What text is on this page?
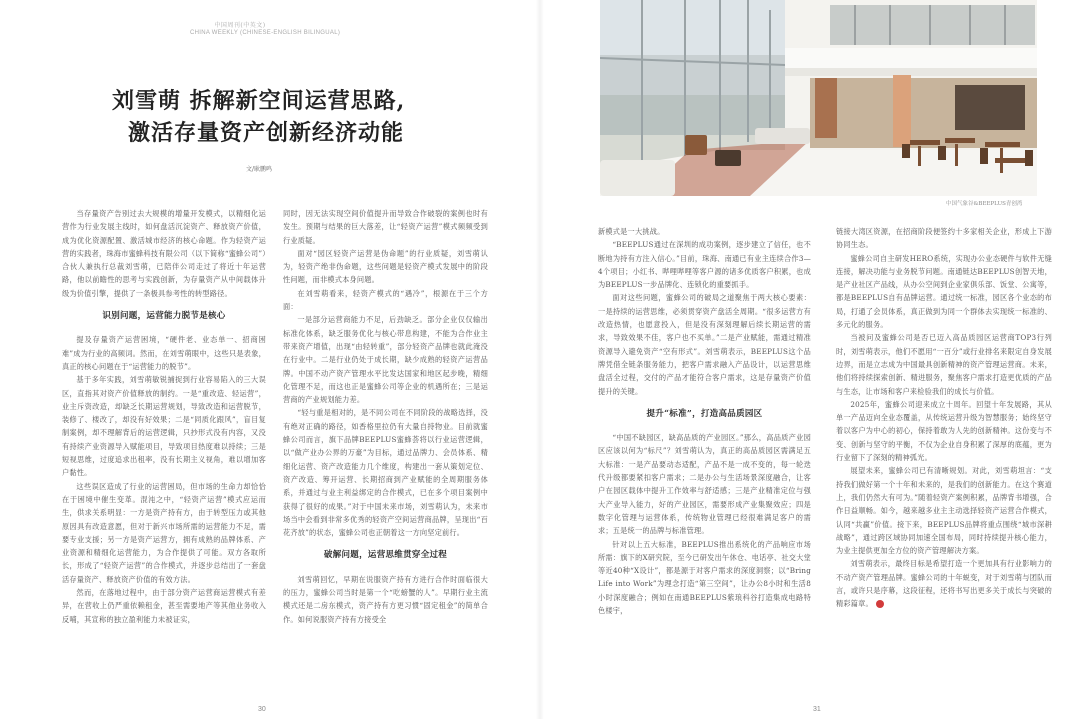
中国周刊(中英文)
CHINA WEEKLY (CHINESE-ENGLISH BILINGUAL)
刘雪萌 拆解新空间运营思路,
激活存量资产创新经济动能
文/耿鹏鸣

当存量资产告别过去大规模的增量开发模式，以精细化运营作为行业发展主线时，如何盘活沉淀资产、释放资产价值，成为优化资源配置、激活城市经济的核心命题。作为轻资产运营的实践者，珠海市蜜蜂科技有限公司（以下简称“蜜蜂公司”）合伙人兼执行总裁刘雪萌，已陪伴公司走过了将近十年运营路，他以前瞻性的思考与实践创新，为存量资产从中间载体升级为价值引擎，提供了一条极具参考性的转型路径。

识别问题，运营能力脱节是核心

提及存量资产运营困境，“硬件老、业态单一、招商困难”成为行业的高频词。然而，在刘雪萌眼中，这些只是表象，真正的核心问题在于“运营能力的脱节”。

基于多年实践，刘雪萌敏锐捕捉到行业容易陷入的三大误区，直指其对资产价值释放的制约。一是“重改造、轻运营”，业主斥资改造，却缺乏长期运营规划，导致改造和运营脱节，装修了、楼改了，却没有好效果；二是“同质化跟风”，盲目复制案例，却不理解背后的运营逻辑，只抄形式没有内容，又没有持续产业资源导入赋能项目，导致项目热度难以持续；三是短视思维，过度追求出租率，没有长期主义视角，难以增加客户黏性。

这些误区造成了行业的运营困局，但市场的生命力却恰恰在于困境中催生变革。混沌之中，“轻资产运营”模式应运而生，供求关系明显：一方是资产持有方，由于转型压力或其他原因具有改造意愿，但对于新兴市场所需的运营能力不足，需要专业支援；另一方是资产运营方，拥有成熟的品牌体系、产业资源和精细化运营能力，为合作提供了可能。双方各取所长，形成了“轻资产运营”的合作模式，并逐步总结出了一套盘活存量资产、释放资产价值的有效方法。

然而，在落地过程中，由于部分资产运营商运营模式有差异，在营收上仍严重依赖租金，甚至需要地产等其他业务收入反哺，其宣称的独立盈利能力未被证实，

同时，因无法实现空间价值提升而导致合作破裂的案例也时有发生。预期与结果的巨大落差，让“轻资产运营”模式频频受到行业质疑。

面对“园区轻资产运营是伪命题”的行业质疑，刘雪萌认为，轻资产绝非伪命题，这些问题是轻资产模式发展中的阶段性问题，而非模式本身问题。

在刘雪萌看来，轻资产模式的“遇冷”，根源在于三个方面：

一是部分运营商能力不足，后劲缺乏。部分企业仅仅输出标准化体系，缺乏服务优化与核心带息构建，不能为合作业主带来资产增值，出现“由轻转重”，部分轻资产品牌也就此淹没在行业中。二是行业仍处于成长期，缺少成熟的轻资产运营品牌。中国不动产资产管理水平比发达国家和地区起步晚，精细化管理不足，而这也正是蜜蜂公司等企业的机遇所在；三是运营商的产业规划能力差。

“轻与重是相对的，是不同公司在不同阶段的战略选择，没有绝对正确的路径，如香格里拉仍有大量自持物业。目前就蜜蜂公司而言，旗下品牌BEEPLUS蜜蜂荟将以行业运营逻辑，以“做产业办公界的万豪”为目标，通过品牌力、会员体系、精细化运营、资产改造能力几个维度，构建出一套从策划定位、资产改造、筹开运营、长期招商到产业赋能的全周期服务体系，并通过与业主利益绑定的合作模式，已在多个项目案例中获得了很好的成果。”对于中国未来市场，刘雪萌认为，未来市场当中会看到非常多优秀的轻资产空间运营商品牌，呈现出“百花齐放”的状态，蜜蜂公司也正朝着这一方向坚定前行。

破解问题，运营思维贯穿全过程

刘雪萌回忆，早期在说服资产持有方进行合作时面临很大的压力，蜜蜂公司当时是第一个“吃螃蟹的人”。早期行业主流模式还是二房东模式，资产持有方更习惯“固定租金”的简单合作。如何说服资产持有方接受全

30
中国气象谷&BEEPLUS青创湾

新模式是一大挑战。

“BEEPLUS通过在深圳的成功案例，逐步建立了信任，也不断地为持有方注入信心。”目前，珠海、南通已有业主连续合作3—4个项目；小红书、哔哩哔哩等客户源的诸多优质客户积累，也成为BEEPLUS一步品牌化、连锁化的重要抓手。

面对这些问题，蜜蜂公司的破局之道聚焦于两大核心要素：一是持续的运营思维，必须贯穿资产盘活全周期。“很多运营方有改造热情，也愿意投入，但是没有深刻理解后续长期运营的需求，导致效果不佳，客户也不买单。”二是产业赋能，需通过精准资源导入避免资产“空有形式”。刘雪萌表示，BEEPLUS这个品牌凭借全链条服务能力，把客户需求融入产品设计，以运营思维盘活全过程，交付的产品才能符合客户需求，这是存量资产价值提升的关键。

提升“标准”，打造高品质园区

“中国不缺园区，缺高品质的产业园区。”那么，高品质产业园区应该以何为“标尺”？刘雪萌认为，真正的高品质园区需满足五大标准：一是产品要动态适配，产品不是一成不变的，每一轮迭代升级都要紧扣客户需求；二是办公与生活场景深度融合，让客户在园区载体中提升工作效率与舒适感；三是产业精准定位与强大产业导入能力，好的产业园区，需要形成产业集聚效应；四是数字化管理与运营体系，传统物业管理已经很难满足客户的需求；五是统一的品牌与标准管理。

针对以上五大标准，BEEPLUS推出系统化的产品响应市场所需：旗下的X研究院，至今已研发出午休仓、电话亭、社交大堂等近40种“X设计”，都是源于对客户需求的深度洞察；以“Bring Life into Work”为理念打造“第三空间”，让办公8小时和生活8小时深度融合；例如在南通BEEPLUS紫琅科谷打造集成电路特色楼宇，

链接大湾区资源，在招商阶段便签约十多家相关企业，形成上下游协同生态。

蜜蜂公司自主研发HERO系统，实现办公业态硬件与软件无缝连接，解决功能与业务脱节问题。南通链达BEEPLUS创智天地，是产业社区产品线，从办公空间到企业家俱乐部、饭堂、公寓等，都是BEEPLUS自有品牌运营。通过统一标准，园区各个业态的布局，打通了会员体系，真正做到为同一个群体去实现统一标准的、多元化的服务。

当被问及蜜蜂公司是否已迈入高品质园区运营商TOP3行列时，刘雪萌表示，他们不愿用“一百分”或行业排名来限定自身发展边界，而是立志成为中国最具创新精神的资产管理运营商。未来，他们将持续探索创新、精进服务，聚焦客户需求打造更优质的产品与生态，让市场和客户来检验我们的成长与价值。

2025年，蜜蜂公司迎来成立十周年。回望十年发展路，其从单一产品迈向全业态覆盖，从传统运营升级为智慧服务；始终坚守着以客户为中心的初心，保持着敢为人先的创新精神。这份变与不变、创新与坚守的平衡，不仅为企业自身积累了深厚的底蕴，更为行业留下了深刻的精神弧光。

展望未来，蜜蜂公司已有清晰规划。对此，刘雪萌坦言：“支持我们做好第一个十年和未来的，是我们的创新能力。在这个赛道上，我们仍然大有可为。”随着轻资产案例积累，品牌背书增强，合作日益顺畅。如今，越来越多业主主动选择轻资产运营合作模式，认同“共赢”价值。接下来，BEEPLUS品牌将重点围绕“城市深耕战略”，通过跨区域协同加速全国布局，同时持续提升核心能力，为业主提供更加全方位的资产管理解决方案。

刘雪萌表示，最终目标是希望打造一个更加具有行业影响力的不动产资产管理品牌。蜜蜂公司的十年蜕变，对于刘雪萌与团队而言，或许只是序幕，这段征程，还将书写出更多关于成长与突破的精彩篇章。

31
